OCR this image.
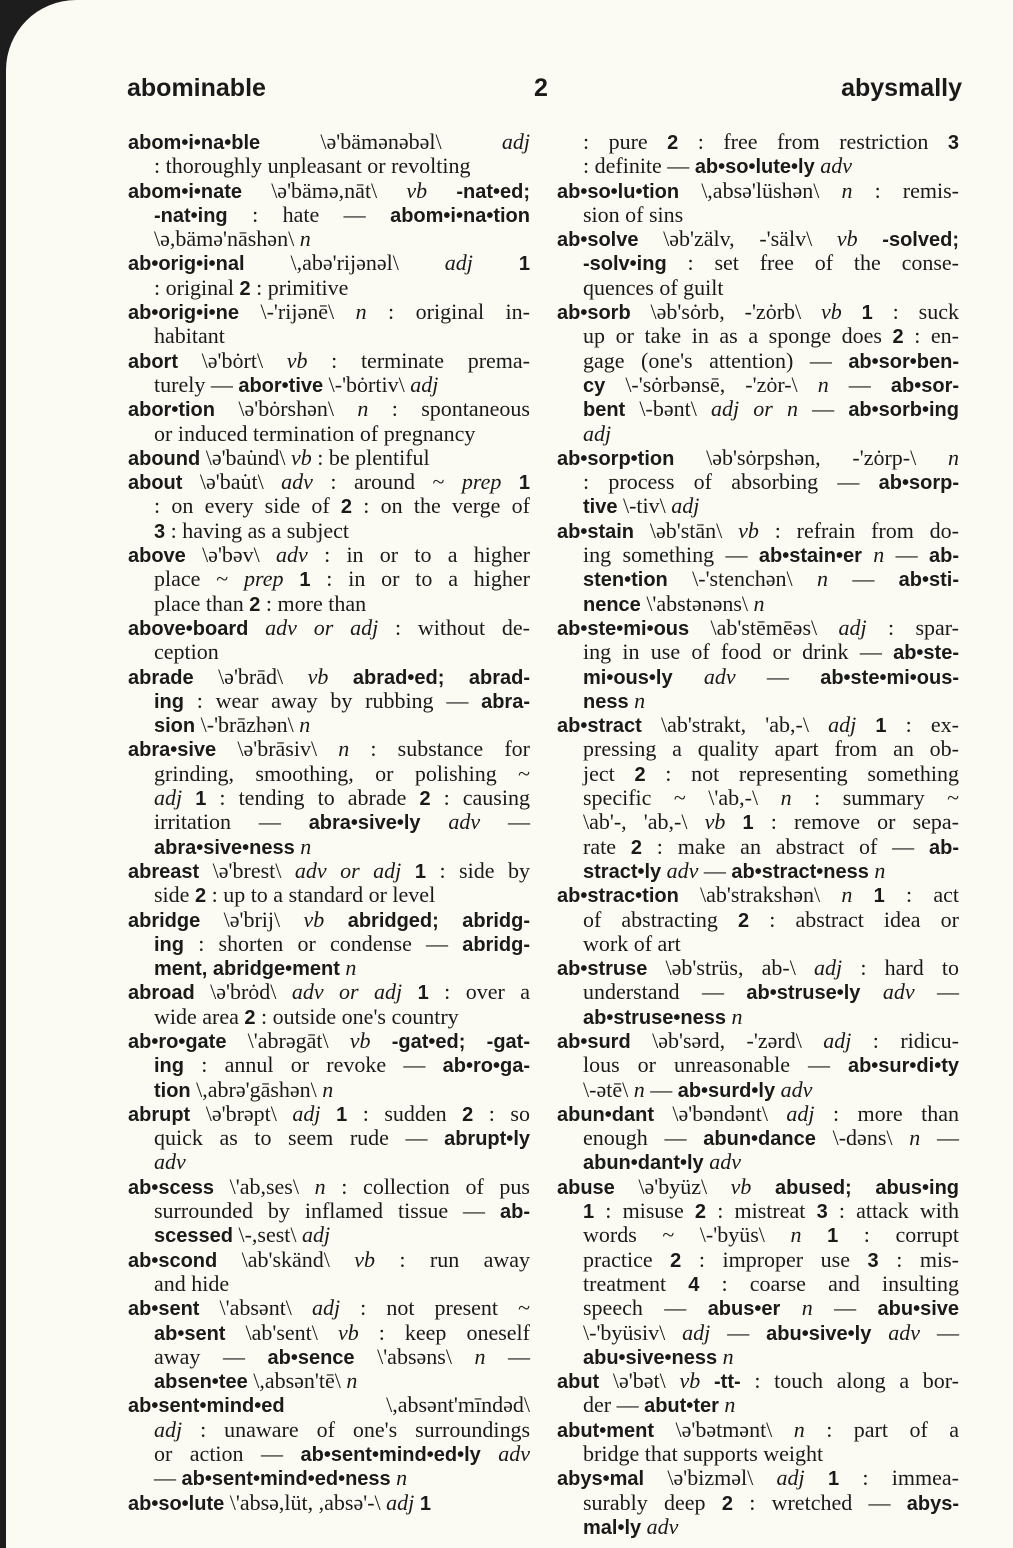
abominable	2	abysmally
abom•i•na•ble \ə'bämənəbəl\ adj
: thoroughly unpleasant or revolting
abom•i•nate \ə'bämə,nāt\ vb -nat•ed;
-nat•ing : hate — abom•i•na•tion
\ə,bämə'nāshən\ n
ab•orig•i•nal \,abə'rijənəl\ adj 1
: original 2 : primitive
ab•orig•i•ne \-'rijənē\ n : original in-
habitant
abort \ə'bȯrt\ vb : terminate prema-
turely — abor•tive \-'bȯrtiv\ adj
abor•tion \ə'bȯrshən\ n : spontaneous
or induced termination of pregnancy
abound \ə'bau̇nd\ vb : be plentiful
about \ə'bau̇t\ adv : around ~ prep 1
: on every side of 2 : on the verge of
3 : having as a subject
above \ə'bəv\ adv : in or to a higher
place ~ prep 1 : in or to a higher
place than 2 : more than
above•board adv or adj : without de-
ception
abrade \ə'brād\ vb abrad•ed; abrad-
ing : wear away by rubbing — abra-
sion \-'brāzhən\ n
abra•sive \ə'brāsiv\ n : substance for
grinding, smoothing, or polishing ~
adj 1 : tending to abrade 2 : causing
irritation — abra•sive•ly adv —
abra•sive•ness n
abreast \ə'brest\ adv or adj 1 : side by
side 2 : up to a standard or level
abridge \ə'brij\ vb abridged; abridg-
ing : shorten or condense — abridg-
ment, abridge•ment n
abroad \ə'brȯd\ adv or adj 1 : over a
wide area 2 : outside one's country
ab•ro•gate \'abrəgāt\ vb -gat•ed; -gat-
ing : annul or revoke — ab•ro•ga-
tion \,abrə'gāshən\ n
abrupt \ə'brəpt\ adj 1 : sudden 2 : so
quick as to seem rude — abrupt•ly
adv
ab•scess \'ab,ses\ n : collection of pus
surrounded by inflamed tissue — ab-
scessed \-,sest\ adj
ab•scond \ab'skänd\ vb : run away
and hide
ab•sent \'absənt\ adj : not present ~
ab•sent \ab'sent\ vb : keep oneself
away — ab•sence \'absəns\ n —
absen•tee \,absən'tē\ n
ab•sent•mind•ed \,absənt'mīndəd\
adj : unaware of one's surroundings
or action — ab•sent•mind•ed•ly adv
— ab•sent•mind•ed•ness n
ab•so•lute \'absə,lüt, ,absə'-\ adj 1
: pure 2 : free from restriction 3
: definite — ab•so•lute•ly adv
ab•so•lu•tion \,absə'lüshən\ n : remis-
sion of sins
ab•solve \əb'zälv, -'sälv\ vb -solved;
-solv•ing : set free of the conse-
quences of guilt
ab•sorb \əb'sȯrb, -'zȯrb\ vb 1 : suck
up or take in as a sponge does 2 : en-
gage (one's attention) — ab•sor•ben-
cy \-'sȯrbənsē, -'zȯr-\ n — ab•sor-
bent \-bənt\ adj or n — ab•sorb•ing
adj
ab•sorp•tion \əb'sȯrpshən, -'zȯrp-\ n
: process of absorbing — ab•sorp-
tive \-tiv\ adj
ab•stain \əb'stān\ vb : refrain from do-
ing something — ab•stain•er n — ab-
sten•tion \-'stenchən\ n — ab•sti-
nence \'abstənəns\ n
ab•ste•mi•ous \ab'stēmēəs\ adj : spar-
ing in use of food or drink — ab•ste-
mi•ous•ly adv — ab•ste•mi•ous-
ness n
ab•stract \ab'strakt, 'ab,-\ adj 1 : ex-
pressing a quality apart from an ob-
ject 2 : not representing something
specific ~ \'ab,-\ n : summary ~
\ab'-, 'ab,-\ vb 1 : remove or sepa-
rate 2 : make an abstract of — ab-
stract•ly adv — ab•stract•ness n
ab•strac•tion \ab'strakshən\ n 1 : act
of abstracting 2 : abstract idea or
work of art
ab•struse \əb'strüs, ab-\ adj : hard to
understand — ab•struse•ly adv —
ab•struse•ness n
ab•surd \əb'sərd, -'zərd\ adj : ridicu-
lous or unreasonable — ab•sur•di•ty
\-ətē\ n — ab•surd•ly adv
abun•dant \ə'bəndənt\ adj : more than
enough — abun•dance \-dəns\ n —
abun•dant•ly adv
abuse \ə'byüz\ vb abused; abus•ing
1 : misuse 2 : mistreat 3 : attack with
words ~ \-'byüs\ n 1 : corrupt
practice 2 : improper use 3 : mis-
treatment 4 : coarse and insulting
speech — abus•er n — abu•sive
\-'byüsiv\ adj — abu•sive•ly adv —
abu•sive•ness n
abut \ə'bət\ vb -tt- : touch along a bor-
der — abut•ter n
abut•ment \ə'bətmənt\ n : part of a
bridge that supports weight
abys•mal \ə'bizməl\ adj 1 : immea-
surably deep 2 : wretched — abys-
mal•ly adv
